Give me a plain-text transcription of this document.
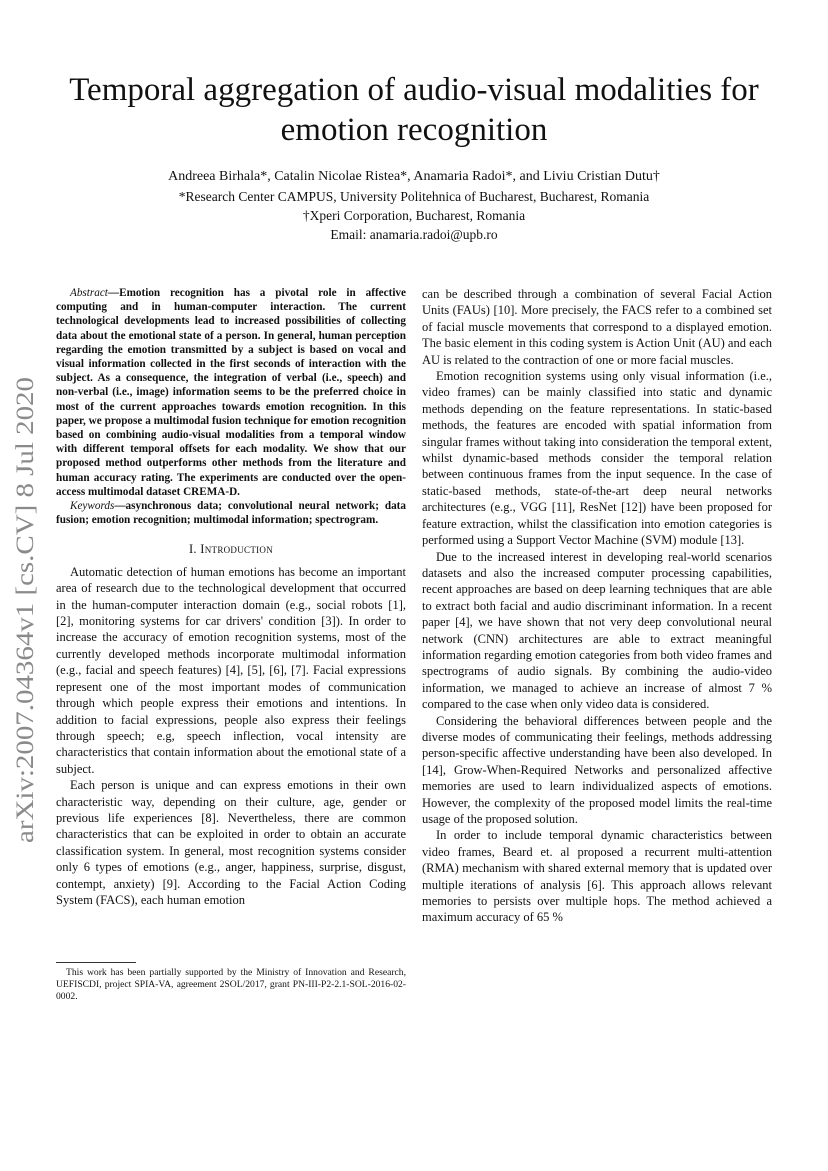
arXiv:2007.04364v1 [cs.CV] 8 Jul 2020
Temporal aggregation of audio-visual modalities for
emotion recognition
Andreea Birhala*, Catalin Nicolae Ristea*, Anamaria Radoi*, and Liviu Cristian Dutu†
*Research Center CAMPUS, University Politehnica of Bucharest, Bucharest, Romania
†Xperi Corporation, Bucharest, Romania
Email: anamaria.radoi@upb.ro

Abstract—Emotion recognition has a pivotal role in affective computing and in human-computer interaction. The current technological developments lead to increased possibilities of collecting data about the emotional state of a person. In general, human perception regarding the emotion transmitted by a subject is based on vocal and visual information collected in the first seconds of interaction with the subject. As a consequence, the integration of verbal (i.e., speech) and non-verbal (i.e., image) information seems to be the preferred choice in most of the current approaches towards emotion recognition. In this paper, we propose a multimodal fusion technique for emotion recognition based on combining audio-visual modalities from a temporal window with different temporal offsets for each modality. We show that our proposed method outperforms other methods from the literature and human accuracy rating. The experiments are conducted over the open-access multimodal dataset CREMA-D.

Keywords—asynchronous data; convolutional neural network; data fusion; emotion recognition; multimodal information; spectrogram.

I. Introduction

Automatic detection of human emotions has become an important area of research due to the technological development that occurred in the human-computer interaction domain (e.g., social robots [1], [2], monitoring systems for car drivers' condition [3]). In order to increase the accuracy of emotion recognition systems, most of the currently developed methods incorporate multimodal information (e.g., facial and speech features) [4], [5], [6], [7]. Facial expressions represent one of the most important modes of communication through which people express their emotions and intentions. In addition to facial expressions, people also express their feelings through speech; e.g, speech inflection, vocal intensity are characteristics that contain information about the emotional state of a subject.

Each person is unique and can express emotions in their own characteristic way, depending on their culture, age, gender or previous life experiences [8]. Nevertheless, there are common characteristics that can be exploited in order to obtain an accurate classification system. In general, most recognition systems consider only 6 types of emotions (e.g., anger, happiness, surprise, disgust, contempt, anxiety) [9]. According to the Facial Action Coding System (FACS), each human emotion

This work has been partially supported by the Ministry of Innovation and Research, UEFISCDI, project SPIA-VA, agreement 2SOL/2017, grant PN-III-P2-2.1-SOL-2016-02-0002.

can be described through a combination of several Facial Action Units (FAUs) [10]. More precisely, the FACS refer to a combined set of facial muscle movements that correspond to a displayed emotion. The basic element in this coding system is Action Unit (AU) and each AU is related to the contraction of one or more facial muscles.

Emotion recognition systems using only visual information (i.e., video frames) can be mainly classified into static and dynamic methods depending on the feature representations. In static-based methods, the features are encoded with spatial information from singular frames without taking into consideration the temporal extent, whilst dynamic-based methods consider the temporal relation between continuous frames from the input sequence. In the case of static-based methods, state-of-the-art deep neural networks architectures (e.g., VGG [11], ResNet [12]) have been proposed for feature extraction, whilst the classification into emotion categories is performed using a Support Vector Machine (SVM) module [13].

Due to the increased interest in developing real-world scenarios datasets and also the increased computer processing capabilities, recent approaches are based on deep learning techniques that are able to extract both facial and audio discriminant information. In a recent paper [4], we have shown that not very deep convolutional neural network (CNN) architectures are able to extract meaningful information regarding emotion categories from both video frames and spectrograms of audio signals. By combining the audio-video information, we managed to achieve an increase of almost 7 % compared to the case when only video data is considered.

Considering the behavioral differences between people and the diverse modes of communicating their feelings, methods addressing person-specific affective understanding have been also developed. In [14], Grow-When-Required Networks and personalized affective memories are used to learn individualized aspects of emotions. However, the complexity of the proposed model limits the real-time usage of the proposed solution.

In order to include temporal dynamic characteristics between video frames, Beard et. al proposed a recurrent multi-attention (RMA) mechanism with shared external memory that is updated over multiple iterations of analysis [6]. This approach allows relevant memories to persists over multiple hops. The method achieved a maximum accuracy of 65 %
